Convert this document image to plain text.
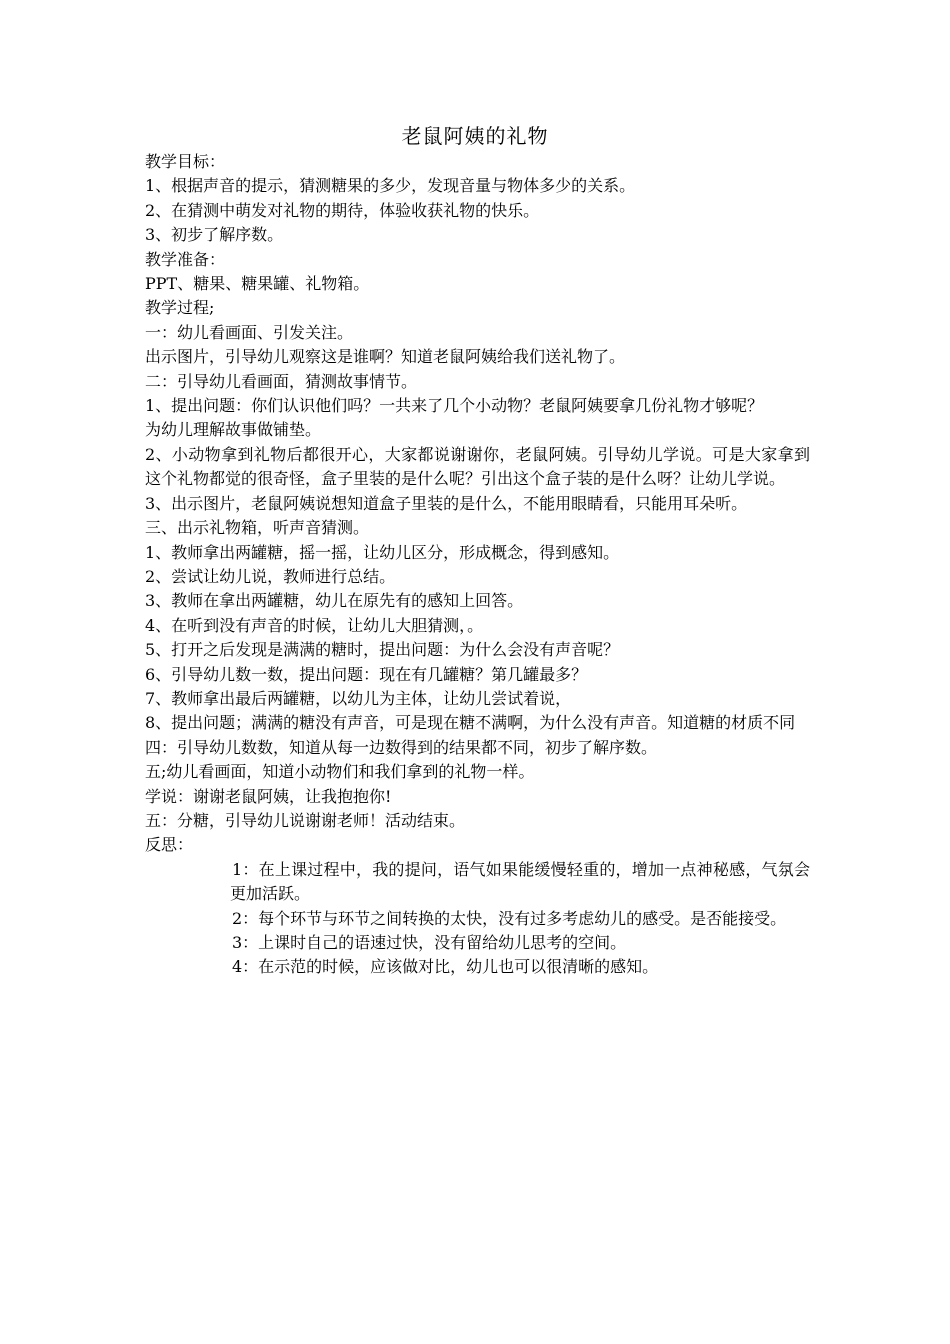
老鼠阿姨的礼物

教学目标：

1、根据声音的提示，猜测糖果的多少，发现音量与物体多少的关系。

2、在猜测中萌发对礼物的期待，体验收获礼物的快乐。

3、初步了解序数。

教学准备：

PPT、糖果、糖果罐、礼物箱。

教学过程;

一：幼儿看画面、引发关注。

出示图片，引导幼儿观察这是谁啊？知道老鼠阿姨给我们送礼物了。

二：引导幼儿看画面，猜测故事情节。

1、提出问题：你们认识他们吗？一共来了几个小动物？老鼠阿姨要拿几份礼物才够呢？

为幼儿理解故事做铺垫。

2、小动物拿到礼物后都很开心，大家都说谢谢你，老鼠阿姨。引导幼儿学说。可是大家拿到这个礼物都觉的很奇怪，盒子里装的是什么呢？引出这个盒子装的是什么呀？让幼儿学说。

3、出示图片，老鼠阿姨说想知道盒子里装的是什么，不能用眼睛看，只能用耳朵听。

三、出示礼物箱，听声音猜测。

1、教师拿出两罐糖，摇一摇，让幼儿区分，形成概念，得到感知。

2、尝试让幼儿说，教师进行总结。

3、教师在拿出两罐糖，幼儿在原先有的感知上回答。

4、在听到没有声音的时候，让幼儿大胆猜测，。

5、打开之后发现是满满的糖时，提出问题：为什么会没有声音呢？

6、引导幼儿数一数，提出问题：现在有几罐糖？第几罐最多？

7、教师拿出最后两罐糖，以幼儿为主体，让幼儿尝试着说，

8、提出问题；满满的糖没有声音，可是现在糖不满啊，为什么没有声音。知道糖的材质不同

四：引导幼儿数数，知道从每一边数得到的结果都不同，初步了解序数。

五;幼儿看画面，知道小动物们和我们拿到的礼物一样。

学说：谢谢老鼠阿姨，让我抱抱你!

五：分糖，引导幼儿说谢谢老师！活动结束。

反思：

1：在上课过程中，我的提问，语气如果能缓慢轻重的，增加一点神秘感，气氛会更加活跃。

2：每个环节与环节之间转换的太快，没有过多考虑幼儿的感受。是否能接受。

3：上课时自己的语速过快，没有留给幼儿思考的空间。

4：在示范的时候，应该做对比，幼儿也可以很清晰的感知。
